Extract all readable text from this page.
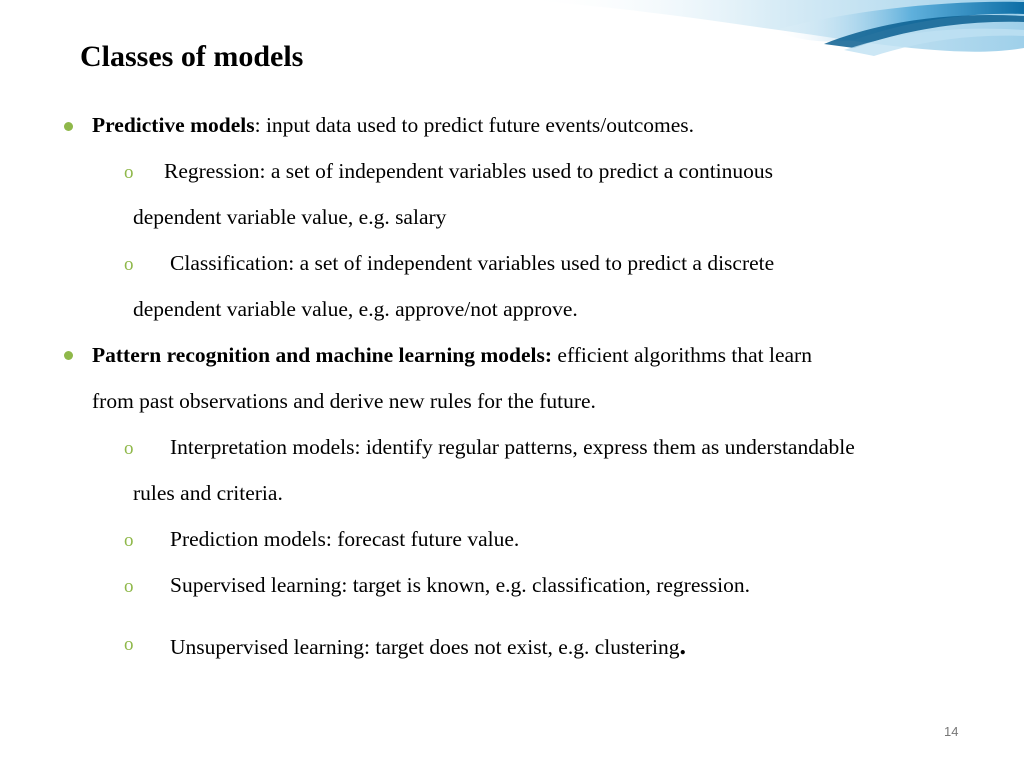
Classes of models
Predictive models: input data used to predict future events/outcomes.
o Regression: a set of independent variables used to predict a continuous
dependent variable value, e.g. salary
o Classification: a set of independent variables used to predict a discrete
dependent variable value, e.g. approve/not approve.
Pattern recognition and machine learning models: efficient algorithms that learn
from past observations and derive new rules for the future.
o Interpretation models: identify regular patterns, express them as understandable
rules and criteria.
o Prediction models: forecast future value.
o Supervised learning: target is known, e.g. classification, regression.
o Unsupervised learning: target does not exist, e.g. clustering.
14
